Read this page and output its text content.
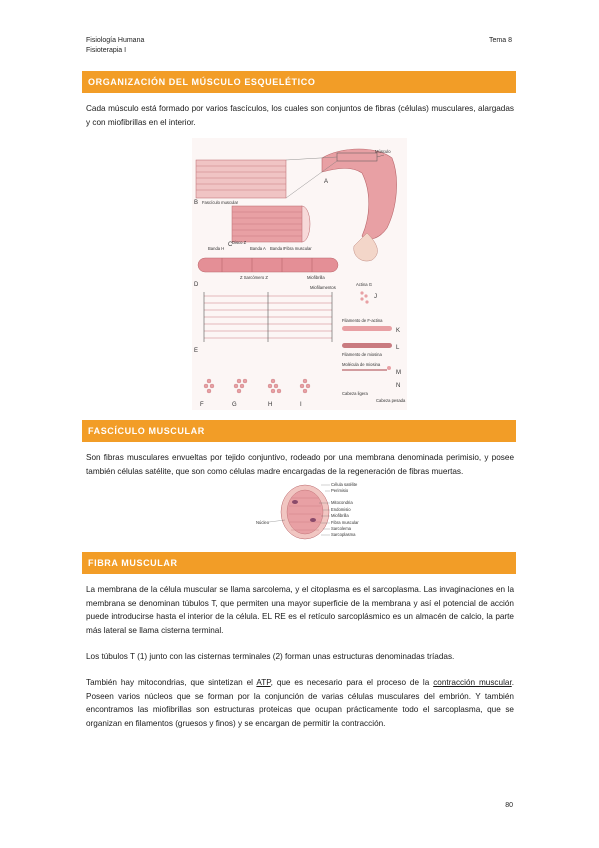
Fisiología Humana
Fisioterapia I
Tema 8
ORGANIZACIÓN DEL MÚSCULO ESQUELÉTICO
Cada músculo está formado por varios fascículos, los cuales son conjuntos de fibras (células) musculares, alargadas y con miofibrillas en el interior.
Músculo
A
B Fascículo muscular
C
Fibra muscular
Banda H
Disco Z
Banda A Banda I
Z Sarcómero Z	Miofibrilla
D	Miofilamentos
E
F	G	H	I
Actina G
J
Filamento de F-actina
K
Filamento de miosina
L
Molécula de miosina
M
N
Cabeza ligera
Cabeza pesada
FASCÍCULO MUSCULAR
Son fibras musculares envueltas por tejido conjuntivo, rodeado por una membrana denominada perimisio, y posee también células satélite, que son como células madre encargadas de la regeneración de fibras muertas.
Célula satélite
Perimisio
Mitocondria
Endomisio
Miofibrilla
Fibra muscular
Sarcolema
Sarcoplasma
Núcleo
FIBRA MUSCULAR
La membrana de la célula muscular se llama sarcolema, y el citoplasma es el sarcoplasma. Las invaginaciones en la membrana se denominan túbulos T, que permiten una mayor superficie de la membrana y así el potencial de acción puede introducirse hasta el interior de la célula. EL RE es el retículo sarcoplásmico es un almacén de calcio, la parte más lateral se llama cisterna terminal.
Los túbulos T (1) junto con las cisternas terminales (2) forman unas estructuras denominadas tríadas.
También hay mitocondrias, que sintetizan el ATP, que es necesario para el proceso de la contracción muscular. Poseen varios núcleos que se forman por la conjunción de varias células musculares del embrión. Y también encontramos las miofibrillas son estructuras proteicas que ocupan prácticamente todo el sarcoplasma, que se organizan en filamentos (gruesos y finos) y se encargan de permitir la contracción.
80
